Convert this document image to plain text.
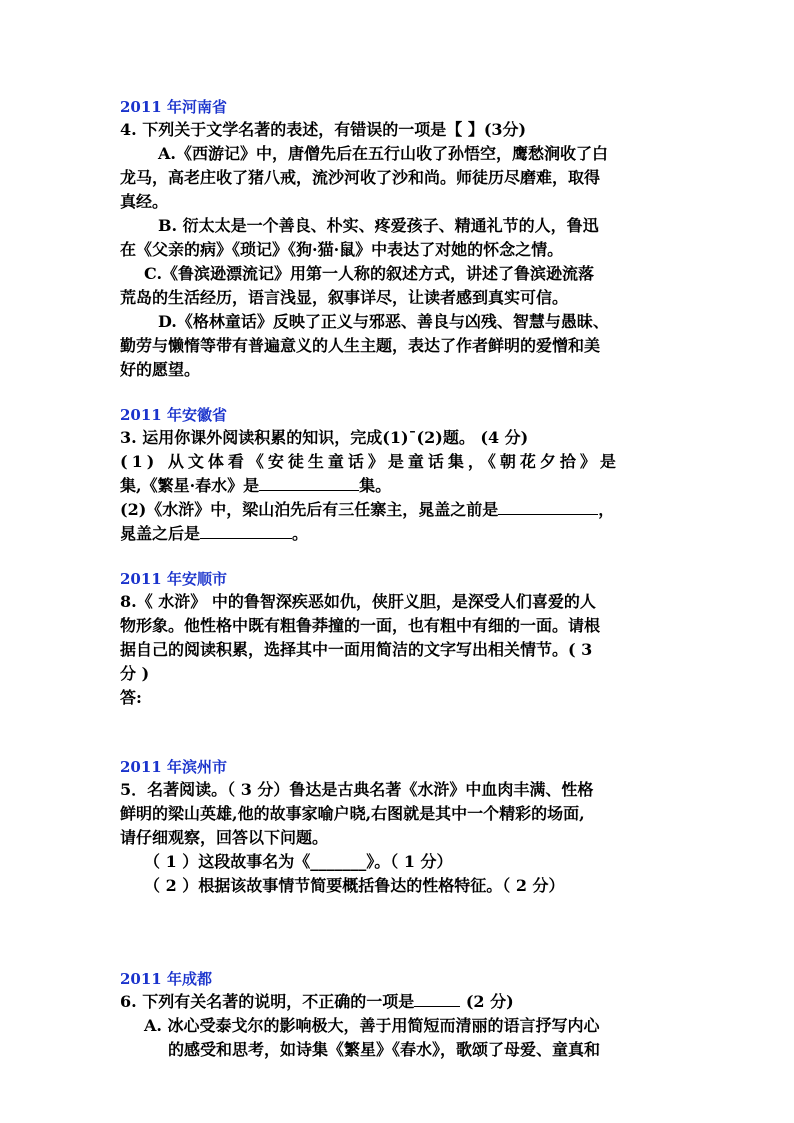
2011 年河南省
4. 下列关于文学名著的表述，有错误的一项是【 】(3分)
A.《西游记》中，唐僧先后在五行山收了孙悟空，鹰愁涧收了白
龙马，高老庄收了猪八戒，流沙河收了沙和尚。师徒历尽磨难，取得
真经。
B. 衍太太是一个善良、朴实、疼爱孩子、精通礼节的人，鲁迅
在《父亲的病》《琐记》《狗·猫·鼠》中表达了对她的怀念之情。
C.《鲁滨逊漂流记》用第一人称的叙述方式，讲述了鲁滨逊流落
荒岛的生活经历，语言浅显，叙事详尽，让读者感到真实可信。
D.《格林童话》反映了正义与邪恶、善良与凶残、智慧与愚昧、
勤劳与懒惰等带有普遍意义的人生主题，表达了作者鲜明的爱憎和美
好的愿望。
2011 年安徽省
3. 运用你课外阅读积累的知识，完成(1)¯(2)题。 (4 分)
(1) 从文体看《安徒生童话》是童话集，《朝花夕拾》是
集,《繁星·春水》是	集。
(2)《水浒》中，梁山泊先后有三任寨主，晁盖之前是	，
晁盖之后是	。
2011 年安顺市
8.《 水浒》 中的鲁智深疾恶如仇，侠肝义胆，是深受人们喜爱的人
物形象。他性格中既有粗鲁莽撞的一面，也有粗中有细的一面。请根
据自己的阅读积累，选择其中一面用简洁的文字写出相关情节。( 3
分 )
答:
2011 年滨州市
5．名著阅读。（ 3 分）鲁达是古典名著《水浒》中血肉丰满、性格
鲜明的梁山英雄,他的故事家喻户晓,右图就是其中一个精彩的场面,
请仔细观察，回答以下问题。
（ 1 ）这段故事名为《_______》。（ 1 分）
（ 2 ）根据该故事情节简要概括鲁达的性格特征。（ 2 分）
2011 年成都
6. 下列有关名著的说明，不正确的一项是	(2 分)
A. 冰心受泰戈尔的影响极大，善于用简短而清丽的语言抒写内心
的感受和思考，如诗集《繁星》《春水》，歌颂了母爱、童真和
